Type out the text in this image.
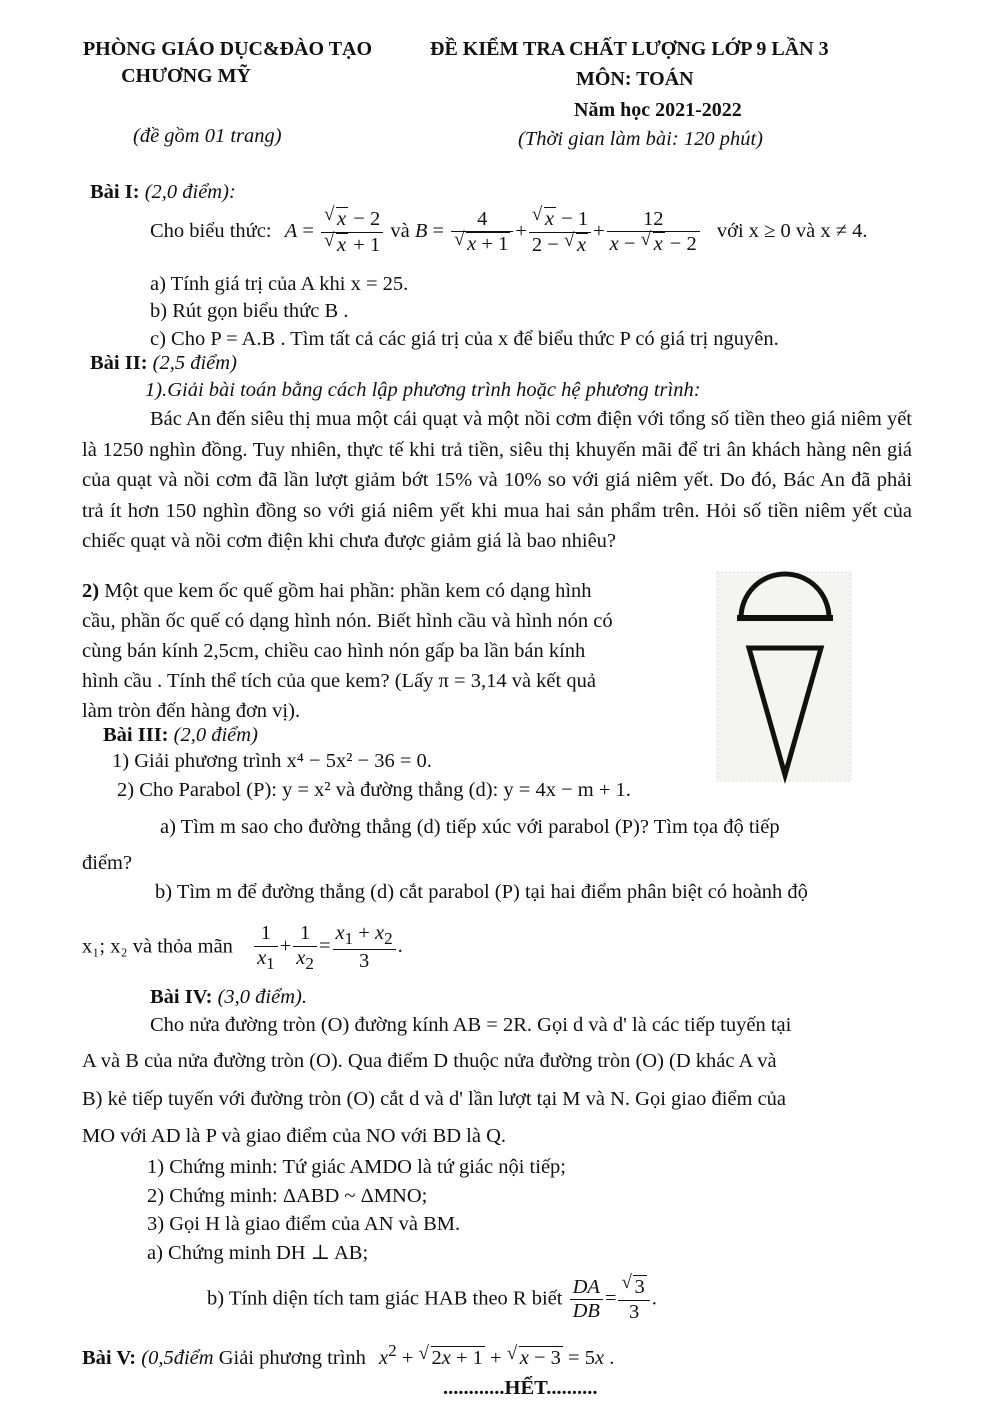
PHÒNG GIÁO DỤC&ĐÀO TẠO
CHƯƠNG MỸ
(đề gồm 01 trang)
ĐỀ KIỂM TRA CHẤT LƯỢNG LỚP 9 LẦN 3
MÔN: TOÁN
Năm học 2021-2022
(Thời gian làm bài: 120 phút)
Bài I: (2,0 điểm):
Cho biểu thức: A = √ x − 2
√ x + 1 và B = 4
√ x + 1 + √ $\frac{x - 1}{2 - √ x} + \frac{12}{x - √ x - 2}$ với x ≥ 0 và x ≠ 4.
a) Tính giá trị của A khi x = 25.
b) Rút gọn biểu thức B .
c) Cho P = A.B . Tìm tất cả các giá trị của x để biểu thức P có giá trị nguyên.
Bài II: (2,5 điểm)
1).Giải bài toán bằng cách lập phương trình hoặc hệ phương trình:
Bác An đến siêu thị mua một cái quạt và một nồi cơm điện với tổng số tiền theo giá niêm yết là 1250 nghìn đồng. Tuy nhiên, thực tế khi trả tiền, siêu thị khuyến mãi để tri ân khách hàng nên giá của quạt và nồi cơm đã lần lượt giảm bớt 15% và 10% so với giá niêm yết. Do đó, Bác An đã phải trả ít hơn 150 nghìn đồng so với giá niêm yết khi mua hai sản phẩm trên. Hỏi số tiền niêm yết của chiếc quạt và nồi cơm điện khi chưa được giảm giá là bao nhiêu?
2) Một que kem ốc quế gồm hai phần: phần kem có dạng hình
cầu, phần ốc quế có dạng hình nón. Biết hình cầu và hình nón có
cùng bán kính 2,5cm, chiều cao hình nón gấp ba lần bán kính
hình cầu . Tính thể tích của que kem? (Lấy π = 3,14 và kết quả
làm tròn đến hàng đơn vị).
Bài III: (2,0 điểm)
1) Giải phương trình x⁴ − 5x² − 36 = 0.
2) Cho Parabol (P): y = x² và đường thẳng (d): y = 4x − m + 1.
a) Tìm m sao cho đường thẳng (d) tiếp xúc với parabol (P)? Tìm tọa độ tiếp
điểm?
b) Tìm m để đường thẳng (d) cắt parabol (P) tại hai điểm phân biệt có hoành độ
x₁; x₂ và thỏa mãn $\frac{1}{x_1} + \frac{1}{x_2} = \frac{x_1 + x_2}{3}$ .
Bài IV: (3,0 điểm).
Cho nửa đường tròn (O) đường kính AB = 2R. Gọi d và d' là các tiếp tuyến tại
A và B của nửa đường tròn (O). Qua điểm D thuộc nửa đường tròn (O) (D khác A và
B) kẻ tiếp tuyến với đường tròn (O) cắt d và d' lần lượt tại M và N. Gọi giao điểm của
MO với AD là P và giao điểm của NO với BD là Q.
1) Chứng minh: Tứ giác AMDO là tứ giác nội tiếp;
2) Chứng minh: ΔABD ~ ΔMNO;
3) Gọi H là giao điểm của AN và BM.
a) Chứng minh DH ⊥ AB;
b) Tính diện tích tam giác HAB theo R biết $\frac{DA}{DB}$ = √ $\frac{3}{3}$ .
Bài V: (0,5điểm Giải phương trình $x^2$ + √ 2x + 1 + √ x − 3 = 5x .
............HẾT..........
